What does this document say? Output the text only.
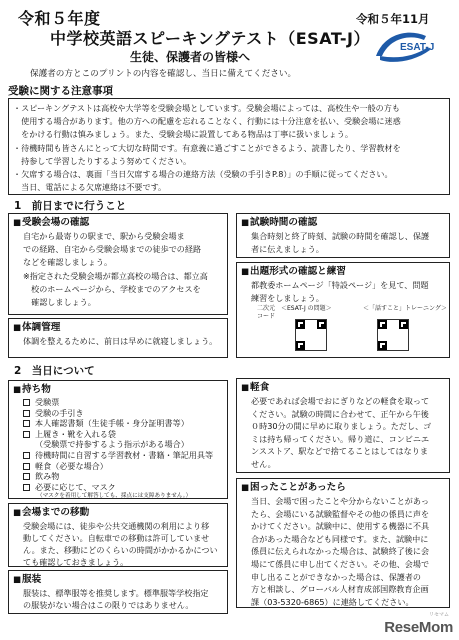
令和５年度
中学校英語スピーキングテスト（ESAT-J）
生徒、保護者の皆様へ
令和５年11月
ESAT-J
保護者の方とこのプリントの内容を確認し、当日に備えてください。
受験に関する注意事項

・スピーキングテストは高校や大学等を受験会場としています。受験会場によっては、高校生や一般の方も

　使用する場合があります。他の方への配慮を忘れることなく、行動には十分注意を払い、受験会場に迷惑

　をかける行動は慎みましょう。また、受験会場に設置してある物品は丁寧に扱いましょう。

・待機時間も皆さんにとって大切な時間です。有意義に過ごすことができるよう、読書したり、学習教材を

　持参して学習したりするよう努めてください。

・欠席する場合は、裏面「当日欠席する場合の連絡方法（受験の手引きP.8）」の手順に従ってください。

　当日、電話による欠席連絡は不要です。

1　前日までに行うこと
■ 受験会場の確認

自宅から最寄りの駅まで、駅から受験会場ま

での経路、自宅から受験会場までの徒歩での経路

などを確認しましょう。

※指定された受験会場が都立高校の場合は、都立高

　校のホームページから、学校までのアクセスを

　確認しましょう。

■ 試験時間の確認

集合時刻と終了時刻、試験の時間を確認し、保護

者に伝えましょう。

■ 出題形式の確認と練習

都教委ホームページ「特設ページ」を見て、問題

練習をしましょう。

二次元　＜ESAT-J の問題＞
コード
＜「話すこと」トレーニング＞
■ 体調管理

体調を整えるために、前日は早めに就寝しましょう。

2　当日について
■ 持ち物
受験票
受験の手引き
本人確認書類（生徒手帳・身分証明書等）
上履き・靴を入れる袋
（受験票で持参するよう指示がある場合）
待機時間に自習する学習教材・書籍・筆記用具等
軽食（必要な場合）
飲み物
必要に応じて、マスク
（マスクを着用して解答しても、採点には支障ありません。）
■ 会場までの移動

受験会場には、徒歩や公共交通機関の利用により移

動してください。自転車での移動は許可していませ

ん。また、移動にどのくらいの時間がかかるかについ

ても確認しておきましょう。

■ 服装

服装は、標準服等を推奨します。標準服等学校指定

の服装がない場合はこの限りではありません。

■ 軽食

必要であれば会場でおにぎりなどの軽食を取って

ください。試験の時間に合わせて、正午から午後

０時30分の間に早めに取りましょう。ただし、ゴ

ミは持ち帰ってください。帰り道に、コンビニエ

ンスストア、駅などで捨てることはしてはなりま

せん。

■ 困ったことがあったら

当日、会場で困ったことや分からないことがあっ

たら、会場にいる試験監督やその他の係員に声を

かけてください。試験中に、使用する機器に不具

合があった場合なども同様です。また、試験中に

係員に伝えられなかった場合は、試験終了後に会

場にて係員に申し出てください。その他、会場で

申し出ることができなかった場合は、保護者の

方と相談し、グローバル人材育成部国際教育企画

課（03-5320-6865）に連絡してください。

リセマム
ReseMom
